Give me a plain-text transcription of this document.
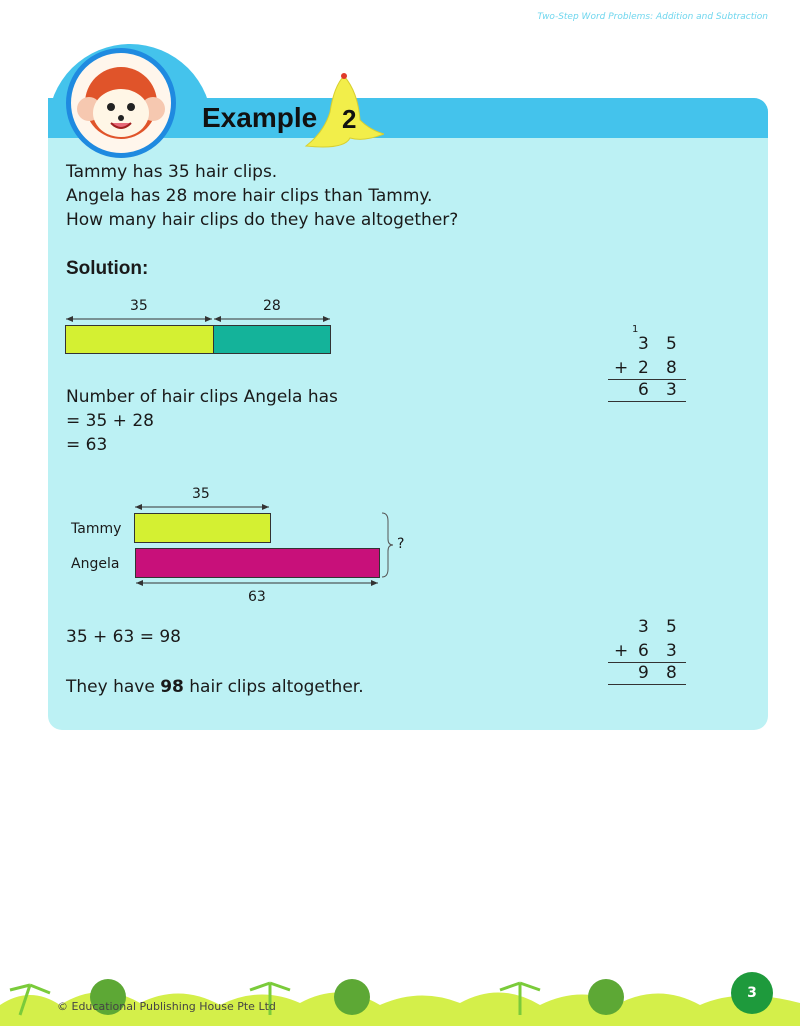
Two-Step Word Problems: Addition and Subtraction
Example 2
Tammy has 35 hair clips.
Angela has 28 more hair clips than Tammy.
How many hair clips do they have altogether?
Solution:
35	28
Number of hair clips Angela has
= 35 + 28
= 63
1
3 5
+ 2 8
6 3
35
Tammy
Angela
?
63
35 + 63 = 98
They have 98 hair clips altogether.
3 5
+ 6 3
9 8
© Educational Publishing House Pte Ltd
3
